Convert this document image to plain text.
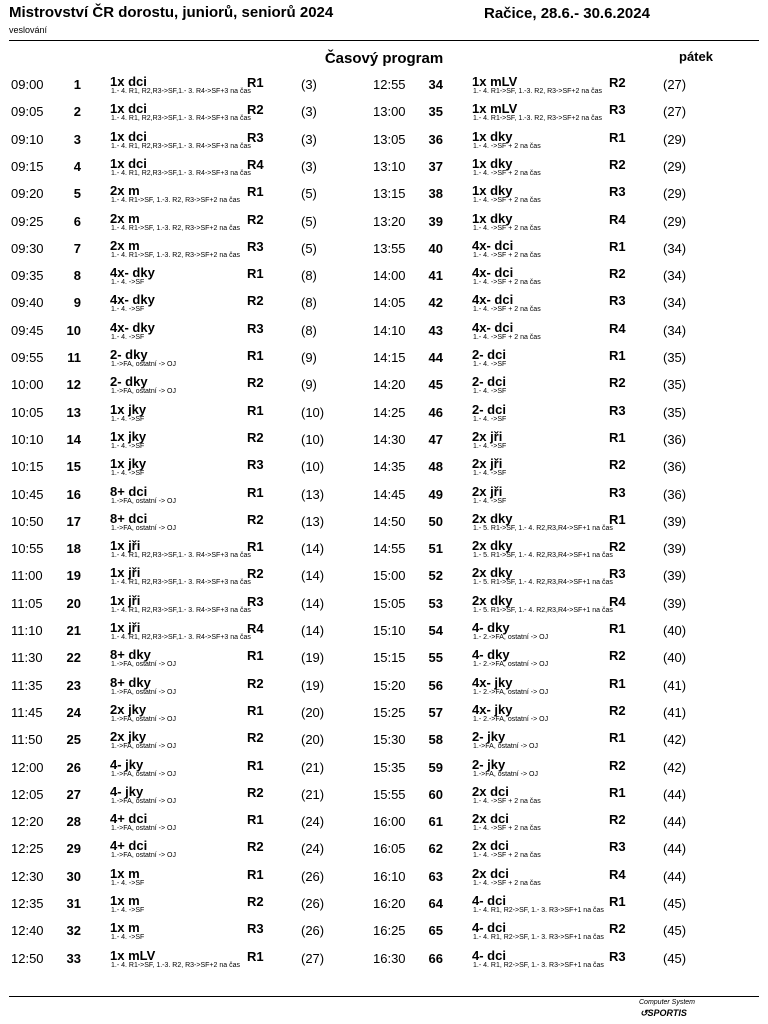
Mistrovství ČR dorostu, juniorů, seniorů 2024
veslování
Račice, 28.6.- 30.6.2024
Časový program	pátek
09:00	1 1x dci	R1	(3)
1.- 4. R1, R2,R3->SF,1.- 3. R4->SF+3 na čas
09:05	2 1x dci	R2	(3)
1.- 4. R1, R2,R3->SF,1.- 3. R4->SF+3 na čas
09:10	3 1x dci	R3	(3)
1.- 4. R1, R2,R3->SF,1.- 3. R4->SF+3 na čas
09:15	4 1x dci	R4	(3)
1.- 4. R1, R2,R3->SF,1.- 3. R4->SF+3 na čas
09:20	5 2x m	R1	(5)
1.- 4. R1->SF, 1.-3. R2, R3->SF+2 na čas
09:25	6 2x m	R2	(5)
1.- 4. R1->SF, 1.-3. R2, R3->SF+2 na čas
09:30	7 2x m	R3	(5)
1.- 4. R1->SF, 1.-3. R2, R3->SF+2 na čas
09:35	8 4x- dky	R1	(8)
1.- 4. ->SF
09:40	9 4x- dky	R2	(8)
1.- 4. ->SF
09:45	10 4x- dky	R3	(8)
1.- 4. ->SF
09:55	11 2- dky	R1	(9)
1.->FA, ostatní -> OJ
10:00	12 2- dky	R2	(9)
1.->FA, ostatní -> OJ
10:05	13 1x jky	R1	(10)
1.- 4. ->SF
10:10	14 1x jky	R2	(10)
1.- 4. ->SF
10:15	15 1x jky	R3	(10)
1.- 4. ->SF
10:45	16 8+ dci	R1	(13)
1.->FA, ostatní -> OJ
10:50	17 8+ dci	R2	(13)
1.->FA, ostatní -> OJ
10:55	18 1x jři	R1	(14)
1.- 4. R1, R2,R3->SF,1.- 3. R4->SF+3 na čas
11:00	19 1x jři	R2	(14)
1.- 4. R1, R2,R3->SF,1.- 3. R4->SF+3 na čas
11:05	20 1x jři	R3	(14)
1.- 4. R1, R2,R3->SF,1.- 3. R4->SF+3 na čas
11:10	21 1x jři	R4	(14)
1.- 4. R1, R2,R3->SF,1.- 3. R4->SF+3 na čas
11:30	22 8+ dky	R1	(19)
1.->FA, ostatní -> OJ
11:35	23 8+ dky	R2	(19)
1.->FA, ostatní -> OJ
11:45	24 2x jky	R1	(20)
1.->FA, ostatní -> OJ
11:50	25 2x jky	R2	(20)
1.->FA, ostatní -> OJ
12:00	26 4- jky	R1	(21)
1.->FA, ostatní -> OJ
12:05	27 4- jky	R2	(21)
1.->FA, ostatní -> OJ
12:20	28 4+ dci	R1	(24)
1.->FA, ostatní -> OJ
12:25	29 4+ dci	R2	(24)
1.->FA, ostatní -> OJ
12:30	30 1x m	R1	(26)
1.- 4. ->SF
12:35	31 1x m	R2	(26)
1.- 4. ->SF
12:40	32 1x m	R3	(26)
1.- 4. ->SF
12:50	33 1x mLV	R1	(27)
1.- 4. R1->SF, 1.-3. R2, R3->SF+2 na čas
12:55	34 1x mLV	R2	(27)
1.- 4. R1->SF, 1.-3. R2, R3->SF+2 na čas
13:00	35 1x mLV	R3	(27)
1.- 4. R1->SF, 1.-3. R2, R3->SF+2 na čas
13:05	36 1x dky	R1	(29)
1.- 4. ->SF + 2 na čas
13:10	37 1x dky	R2	(29)
1.- 4. ->SF + 2 na čas
13:15	38 1x dky	R3	(29)
1.- 4. ->SF + 2 na čas
13:20	39 1x dky	R4	(29)
1.- 4. ->SF + 2 na čas
13:55	40 4x- dci	R1	(34)
1.- 4. ->SF + 2 na čas
14:00	41 4x- dci	R2	(34)
1.- 4. ->SF + 2 na čas
14:05	42 4x- dci	R3	(34)
1.- 4. ->SF + 2 na čas
14:10	43 4x- dci	R4	(34)
1.- 4. ->SF + 2 na čas
14:15	44 2- dci	R1	(35)
1.- 4. ->SF
14:20	45 2- dci	R2	(35)
1.- 4. ->SF
14:25	46 2- dci	R3	(35)
1.- 4. ->SF
14:30	47 2x jři	R1	(36)
1.- 4. ->SF
14:35	48 2x jři	R2	(36)
1.- 4. ->SF
14:45	49 2x jři	R3	(36)
1.- 4. ->SF
14:50	50 2x dky	R1	(39)
1.- 5. R1->SF, 1.- 4. R2,R3,R4->SF+1 na čas
14:55	51 2x dky	R2	(39)
1.- 5. R1->SF, 1.- 4. R2,R3,R4->SF+1 na čas
15:00	52 2x dky	R3	(39)
1.- 5. R1->SF, 1.- 4. R2,R3,R4->SF+1 na čas
15:05	53 2x dky	R4	(39)
1.- 5. R1->SF, 1.- 4. R2,R3,R4->SF+1 na čas
15:10	54 4- dky	R1	(40)
1.- 2.->FA, ostatní -> OJ
15:15	55 4- dky	R2	(40)
1.- 2.->FA, ostatní -> OJ
15:20	56 4x- jky	R1	(41)
1.- 2.->FA, ostatní -> OJ
15:25	57 4x- jky	R2	(41)
1.- 2.->FA, ostatní -> OJ
15:30	58 2- jky	R1	(42)
1.->FA, ostatní -> OJ
15:35	59 2- jky	R2	(42)
1.->FA, ostatní -> OJ
15:55	60 2x dci	R1	(44)
1.- 4. ->SF + 2 na čas
16:00	61 2x dci	R2	(44)
1.- 4. ->SF + 2 na čas
16:05	62 2x dci	R3	(44)
1.- 4. ->SF + 2 na čas
16:10	63 2x dci	R4	(44)
1.- 4. ->SF + 2 na čas
16:20	64 4- dci	R1	(45)
1.- 4. R1, R2->SF, 1.- 3. R3->SF+1 na čas
16:25	65 4- dci	R2	(45)
1.- 4. R1, R2->SF, 1.- 3. R3->SF+1 na čas
16:30	66 4- dci	R3	(45)
1.- 4. R1, R2->SF, 1.- 3. R3->SF+1 na čas
Computer System
↺SPORTIS
